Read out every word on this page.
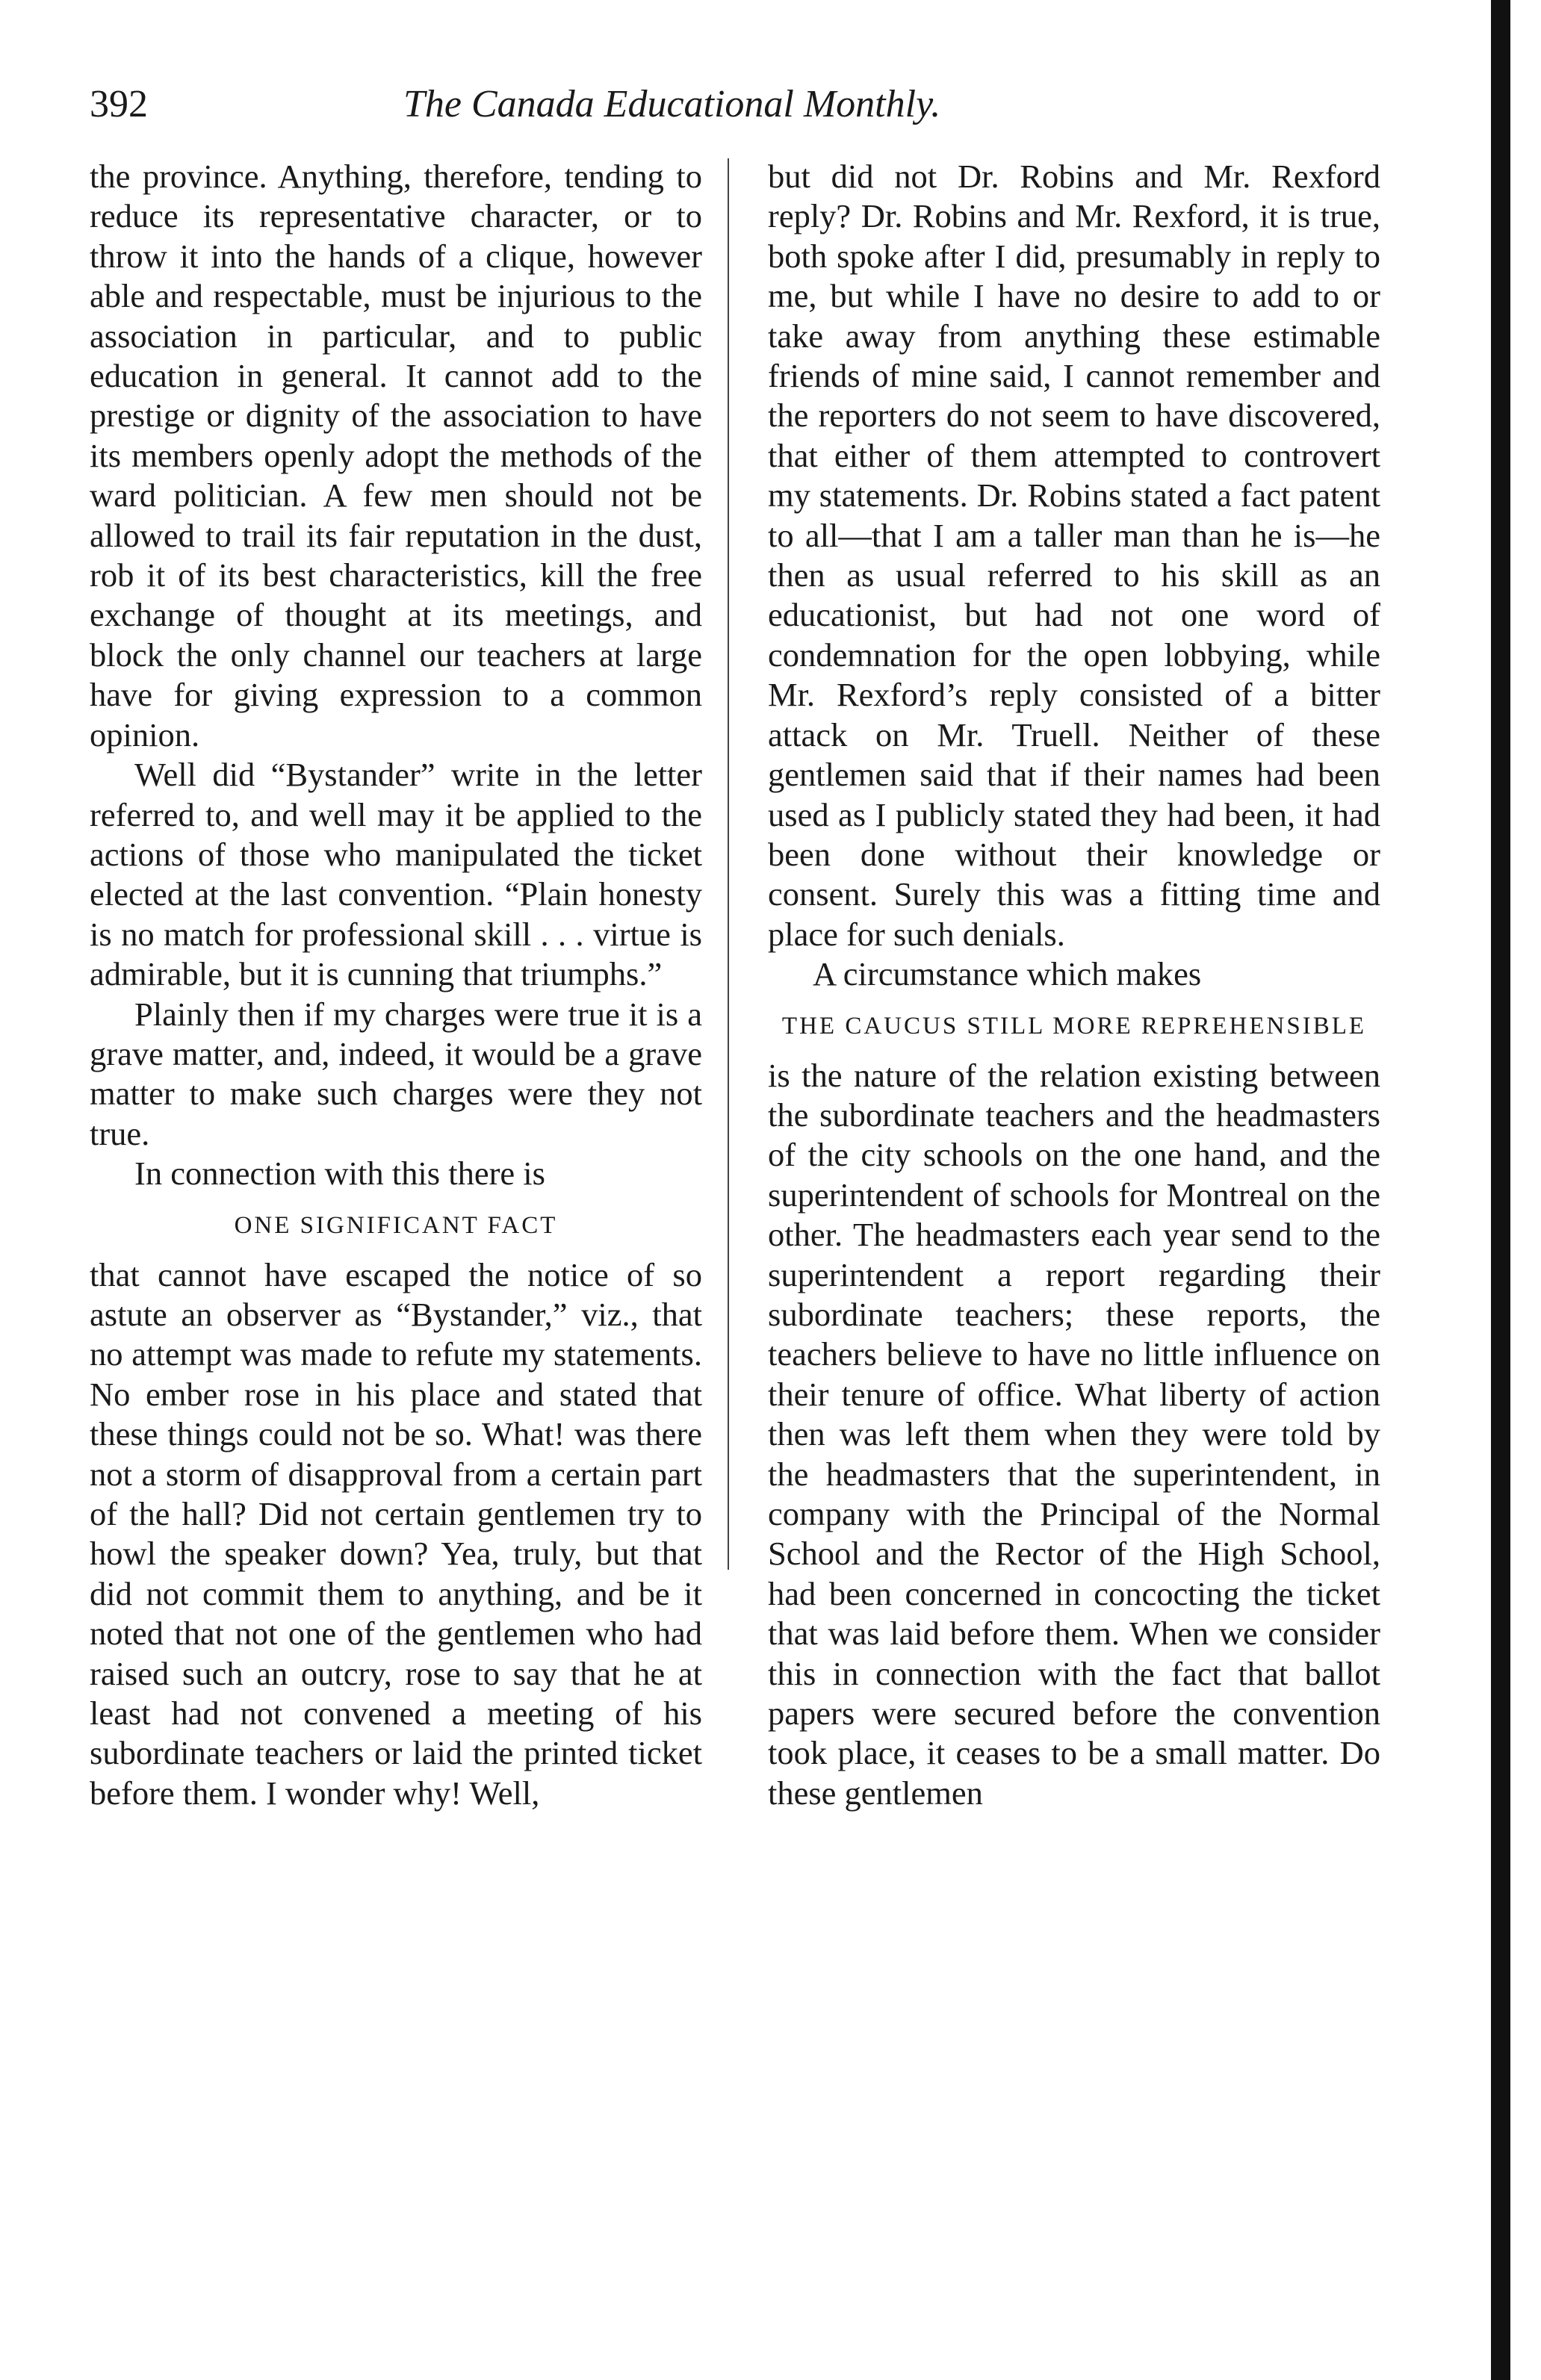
392	The Canada Educational Monthly.

the province. Anything, therefore, tending to reduce its representative character, or to throw it into the hands of a clique, however able and respectable, must be injurious to the association in particular, and to public education in general. It cannot add to the prestige or dignity of the association to have its members openly adopt the methods of the ward politician. A few men should not be allowed to trail its fair reputation in the dust, rob it of its best characteristics, kill the free exchange of thought at its meetings, and block the only channel our teachers at large have for giving expression to a common opinion.

Well did “Bystander” write in the letter referred to, and well may it be applied to the actions of those who manipulated the ticket elected at the last convention. “Plain honesty is no match for professional skill . . . virtue is admirable, but it is cunning that triumphs.”

Plainly then if my charges were true it is a grave matter, and, indeed, it would be a grave matter to make such charges were they not true.

In connection with this there is

ONE SIGNIFICANT FACT

that cannot have escaped the notice of so astute an observer as “Bystander,” viz., that no attempt was made to refute my statements. No ember rose in his place and stated that these things could not be so. What! was there not a storm of disapproval from a certain part of the hall? Did not certain gentlemen try to howl the speaker down? Yea, truly, but that did not commit them to anything, and be it noted that not one of the gentlemen who had raised such an outcry, rose to say that he at least had not convened a meeting of his subordinate teachers or laid the printed ticket before them. I wonder why! Well,

but did not Dr. Robins and Mr. Rexford reply? Dr. Robins and Mr. Rexford, it is true, both spoke after I did, presumably in reply to me, but while I have no desire to add to or take away from anything these estimable friends of mine said, I cannot remember and the reporters do not seem to have discovered, that either of them attempted to controvert my statements. Dr. Robins stated a fact patent to all—that I am a taller man than he is—he then as usual referred to his skill as an educationist, but had not one word of condemnation for the open lobbying, while Mr. Rexford’s reply consisted of a bitter attack on Mr. Truell. Neither of these gentlemen said that if their names had been used as I publicly stated they had been, it had been done without their knowledge or consent. Surely this was a fitting time and place for such denials.

A circumstance which makes

THE CAUCUS STILL MORE REPREHENSIBLE

is the nature of the relation existing between the subordinate teachers and the headmasters of the city schools on the one hand, and the superintendent of schools for Montreal on the other. The headmasters each year send to the superintendent a report regarding their subordinate teachers; these reports, the teachers believe to have no little influence on their tenure of office. What liberty of action then was left them when they were told by the headmasters that the superintendent, in company with the Principal of the Normal School and the Rector of the High School, had been concerned in concocting the ticket that was laid before them. When we consider this in connection with the fact that ballot papers were secured before the convention took place, it ceases to be a small matter. Do these gentlemen
